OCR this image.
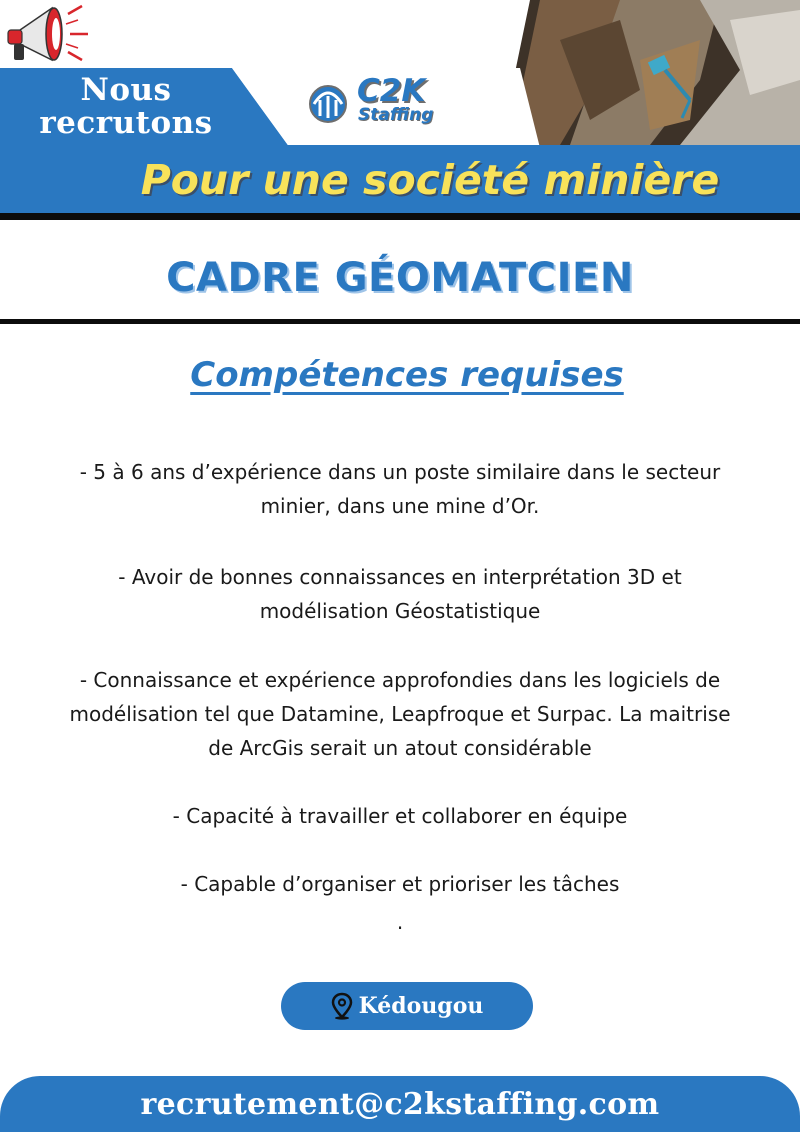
Nous
recrutons
C2K
Staffing
Pour une société minière
CADRE GÉOMATCIEN
Compétences requises
- 5 à 6 ans d’expérience dans un poste similaire dans le secteur
minier, dans une mine d’Or.
- Avoir de bonnes connaissances en interprétation 3D et
modélisation Géostatistique
- Connaissance et expérience approfondies dans les logiciels de
modélisation tel que Datamine, Leapfroque et Surpac. La maitrise
de ArcGis serait un atout considérable
- Capacité à travailler et collaborer en équipe
- Capable d’organiser et prioriser les tâches
.
Kédougou
recrutement@c2kstaffing.com
